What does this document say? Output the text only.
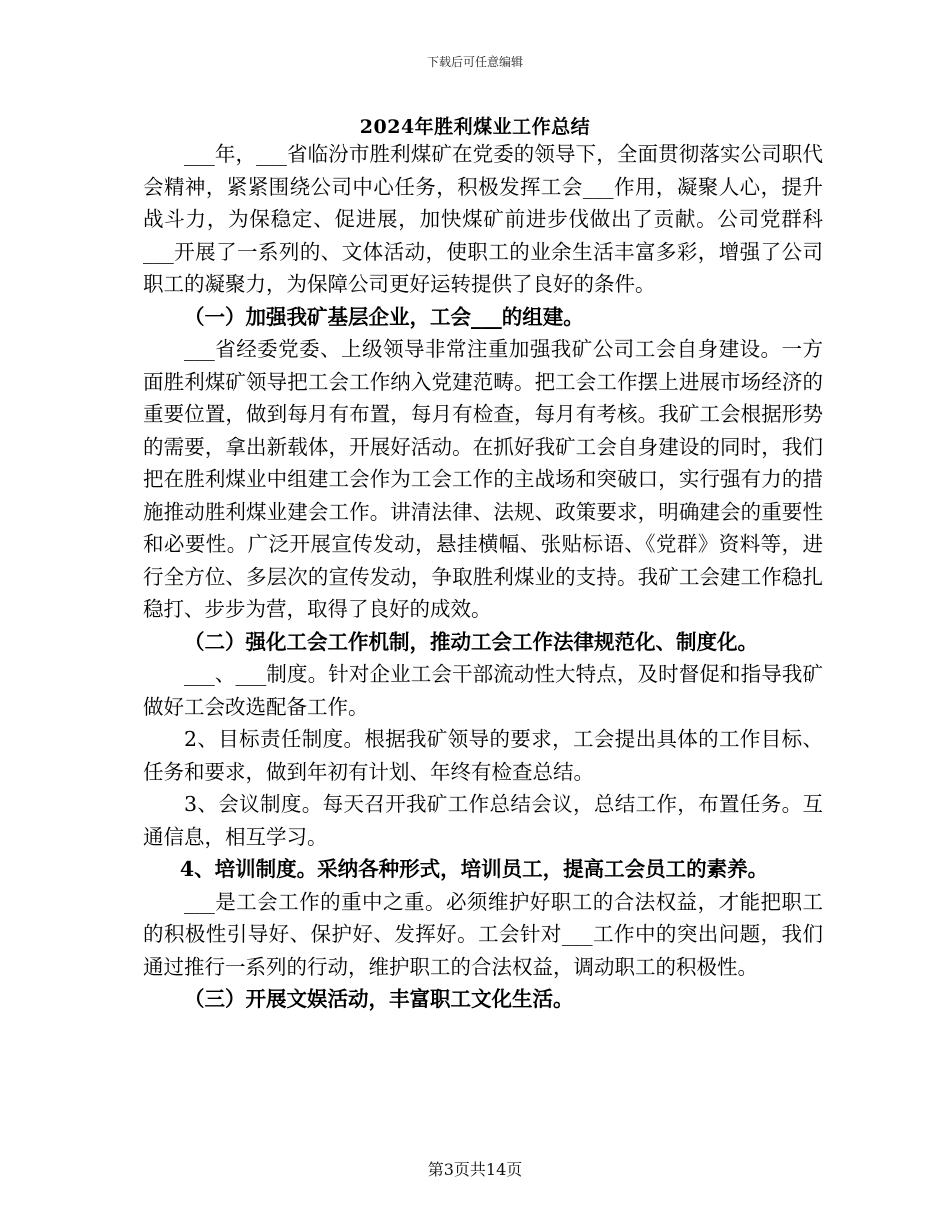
下载后可任意编辑
2024年胜利煤业工作总结

___年，___省临汾市胜利煤矿在党委的领导下，全面贯彻落实公司职代会精神，紧紧围绕公司中心任务，积极发挥工会___作用，凝聚人心，提升战斗力，为保稳定、促进展，加快煤矿前进步伐做出了贡献。公司党群科___开展了一系列的、文体活动，使职工的业余生活丰富多彩，增强了公司职工的凝聚力，为保障公司更好运转提供了良好的条件。

（一）加强我矿基层企业，工会___的组建。

___省经委党委、上级领导非常注重加强我矿公司工会自身建设。一方面胜利煤矿领导把工会工作纳入党建范畴。把工会工作摆上进展市场经济的重要位置，做到每月有布置，每月有检查，每月有考核。我矿工会根据形势的需要，拿出新载体，开展好活动。在抓好我矿工会自身建设的同时，我们把在胜利煤业中组建工会作为工会工作的主战场和突破口，实行强有力的措施推动胜利煤业建会工作。讲清法律、法规、政策要求，明确建会的重要性和必要性。广泛开展宣传发动，悬挂横幅、张贴标语、《党群》资料等，进行全方位、多层次的宣传发动，争取胜利煤业的支持。我矿工会建工作稳扎稳打、步步为营，取得了良好的成效。

（二）强化工会工作机制，推动工会工作法律规范化、制度化。

___、___制度。针对企业工会干部流动性大特点，及时督促和指导我矿做好工会改选配备工作。

2、目标责任制度。根据我矿领导的要求，工会提出具体的工作目标、任务和要求，做到年初有计划、年终有检查总结。

3、会议制度。每天召开我矿工作总结会议，总结工作，布置任务。互通信息，相互学习。

4、培训制度。采纳各种形式，培训员工，提高工会员工的素养。

___是工会工作的重中之重。必须维护好职工的合法权益，才能把职工的积极性引导好、保护好、发挥好。工会针对___工作中的突出问题，我们通过推行一系列的行动，维护职工的合法权益，调动职工的积极性。

（三）开展文娱活动，丰富职工文化生活。

第3页共14页
